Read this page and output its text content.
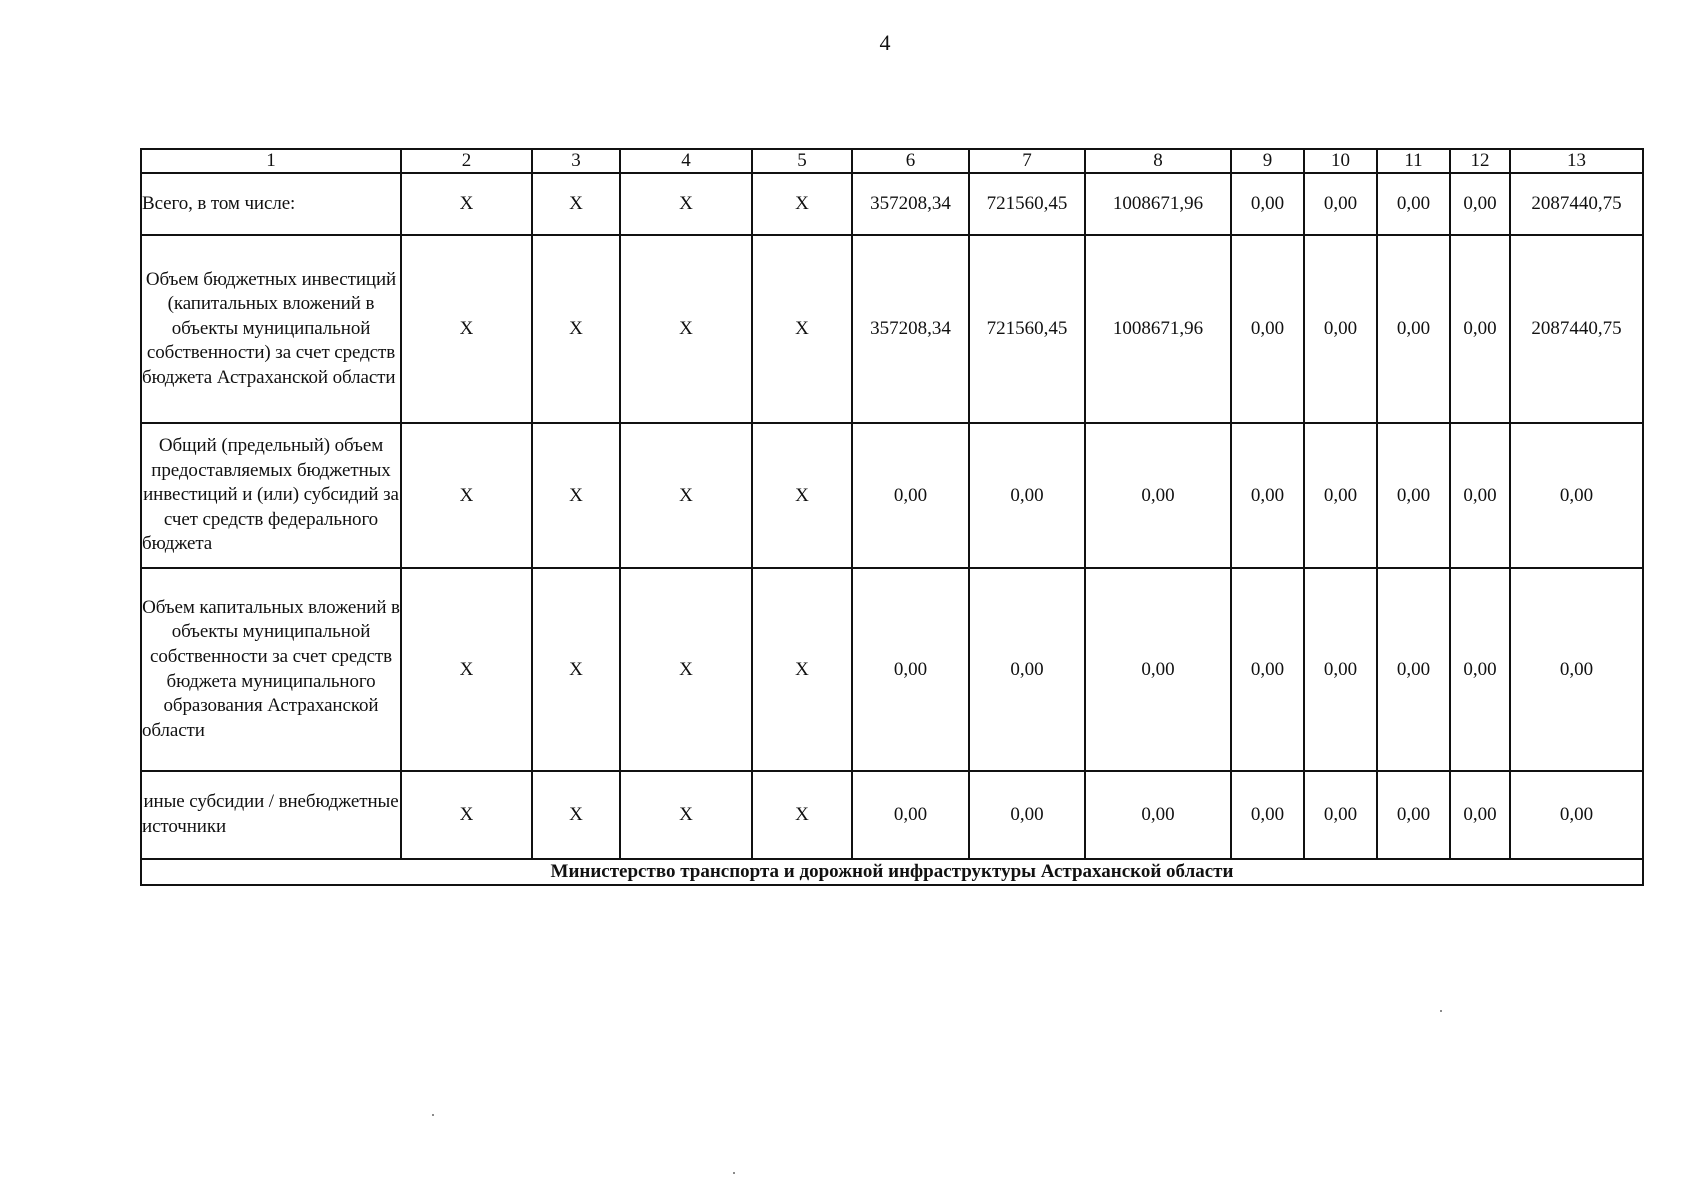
4
1	2	3	4	5	6	7	8	9	10	11	12	13
Всего, в том числе:	Х	Х	Х	Х	357208,34	721560,45	1008671,96	0,00	0,00	0,00	0,00	2087440,75
Объем бюджетных инвестиций (капитальных вложений в объекты муниципальной собственности) за счет средств бюджета Астраханской области	Х	Х	Х	Х	357208,34	721560,45	1008671,96	0,00	0,00	0,00	0,00	2087440,75
Общий (предельный) объем предоставляемых бюджетных инвестиций и (или) субсидий за счет средств федерального бюджета	Х	Х	Х	Х	0,00	0,00	0,00	0,00	0,00	0,00	0,00	0,00
Объем капитальных вложений в объекты муниципальной собственности за счет средств бюджета муниципального образования Астраханской области	Х	Х	Х	Х	0,00	0,00	0,00	0,00	0,00	0,00	0,00	0,00
иные субсидии / внебюджетные источники	Х	Х	Х	Х	0,00	0,00	0,00	0,00	0,00	0,00	0,00	0,00
Министерство транспорта и дорожной инфраструктуры Астраханской области												
